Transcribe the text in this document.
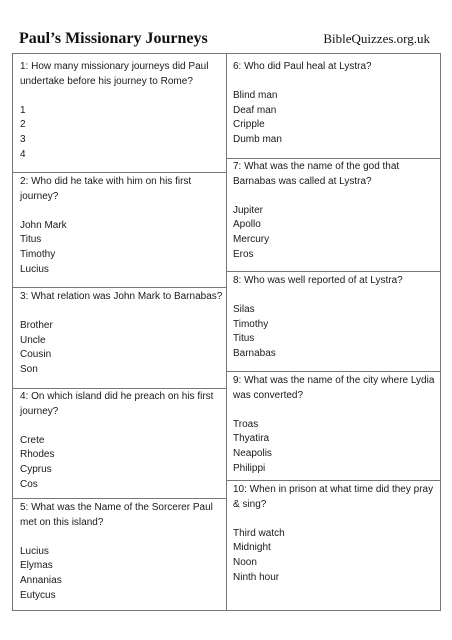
Paul’s Missionary Journeys	BibleQuizzes.org.uk

1: How many missionary journeys did Paul undertake before his journey to Rome?

1

2

3

4

2: Who did he take with him on his first journey?

John Mark

Titus

Timothy

Lucius

3: What relation was John Mark to Barnabas?

Brother

Uncle

Cousin

Son

4: On which island did he preach on his first journey?

Crete

Rhodes

Cyprus

Cos

5: What was the Name of the Sorcerer Paul met on this island?

Lucius

Elymas

Annanias

Eutycus

6: Who did Paul heal at Lystra?

Blind man

Deaf man

Cripple

Dumb man

7: What was the name of the god that Barnabas was called at Lystra?

Jupiter

Apollo

Mercury

Eros

8: Who was well reported of at Lystra?

Silas

Timothy

Titus

Barnabas

9: What was the name of the city where Lydia was converted?

Troas

Thyatira

Neapolis

Philippi

10: When in prison at what time did they pray & sing?

Third watch

Midnight

Noon

Ninth hour
